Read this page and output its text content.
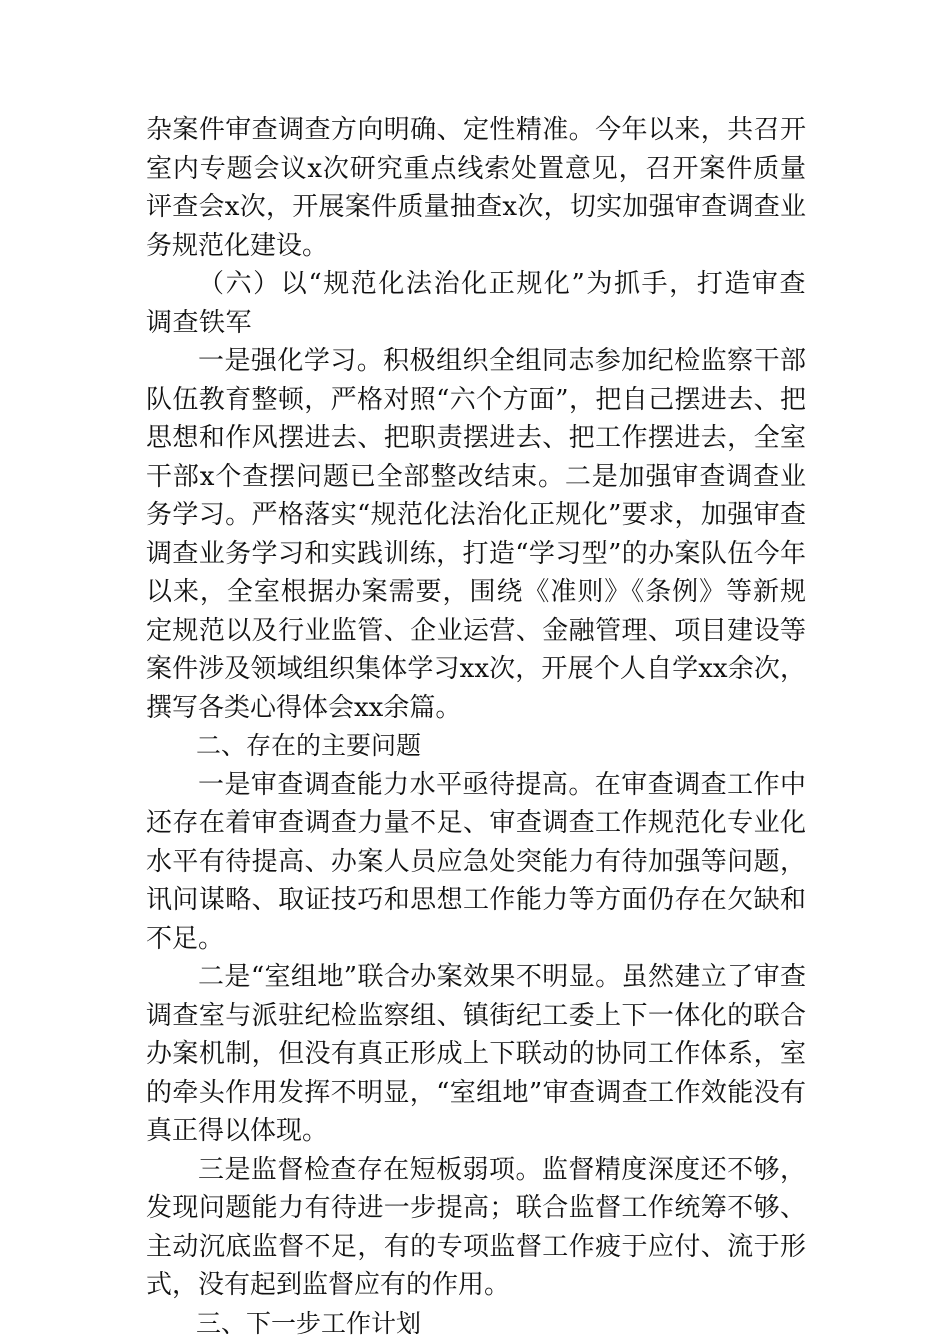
杂案件审查调查方向明确、定性精准。今年以来，共召开室内专题会议x次研究重点线索处置意见，召开案件质量评查会x次，开展案件质量抽查x次，切实加强审查调查业务规范化建设。

（六）以“规范化法治化正规化”为抓手，打造审查调查铁军

一是强化学习。积极组织全组同志参加纪检监察干部队伍教育整顿，严格对照“六个方面”，把自己摆进去、把思想和作风摆进去、把职责摆进去、把工作摆进去，全室干部x个查摆问题已全部整改结束。二是加强审查调查业务学习。严格落实“规范化法治化正规化”要求，加强审查调查业务学习和实践训练，打造“学习型”的办案队伍今年以来，全室根据办案需要，围绕《准则》《条例》等新规定规范以及行业监管、企业运营、金融管理、项目建设等案件涉及领域组织集体学习xx次，开展个人自学xx余次，撰写各类心得体会xx余篇。

二、存在的主要问题

一是审查调查能力水平亟待提高。在审查调查工作中还存在着审查调查力量不足、审查调查工作规范化专业化水平有待提高、办案人员应急处突能力有待加强等问题，讯问谋略、取证技巧和思想工作能力等方面仍存在欠缺和不足。

二是“室组地”联合办案效果不明显。虽然建立了审查调查室与派驻纪检监察组、镇街纪工委上下一体化的联合办案机制，但没有真正形成上下联动的协同工作体系，室的牵头作用发挥不明显，“室组地”审查调查工作效能没有真正得以体现。

三是监督检查存在短板弱项。监督精度深度还不够，发现问题能力有待进一步提高；联合监督工作统筹不够、主动沉底监督不足，有的专项监督工作疲于应付、流于形式，没有起到监督应有的作用。

三、下一步工作计划
